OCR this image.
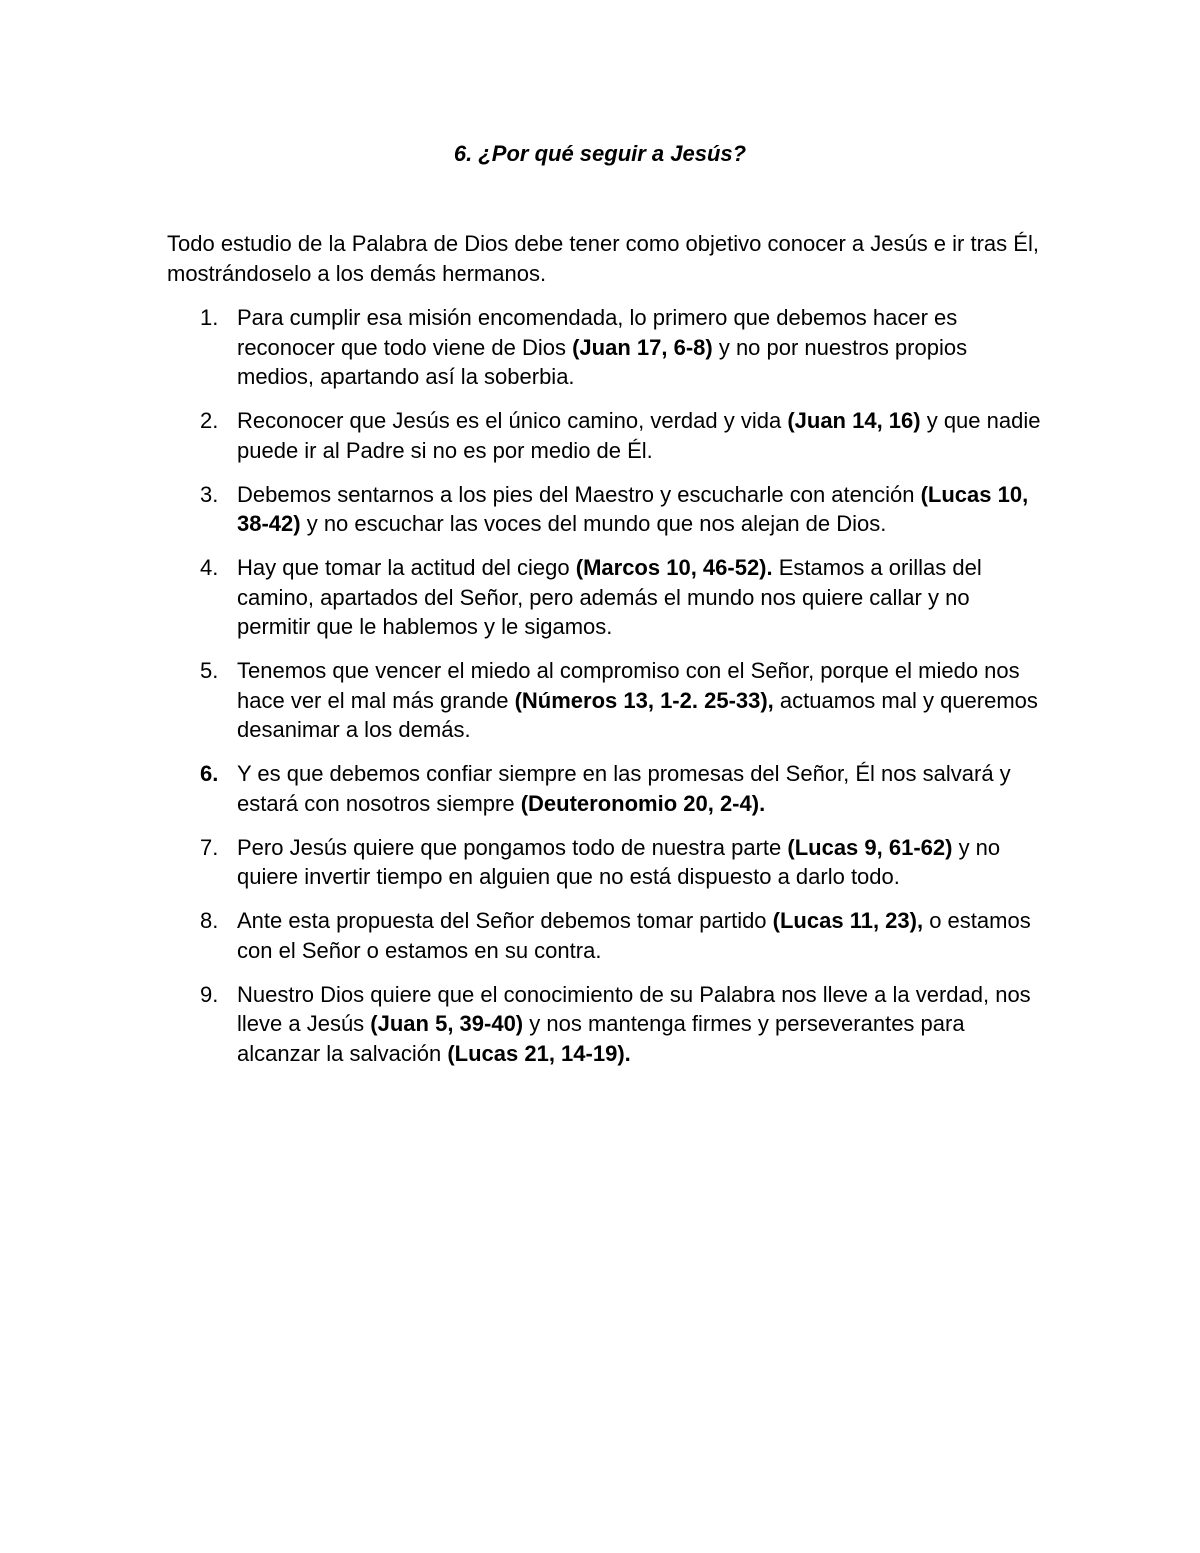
6. ¿Por qué seguir a Jesús?

Todo estudio de la Palabra de Dios debe tener como objetivo conocer a Jesús e ir tras Él, mostrándoselo a los demás hermanos.

1. Para cumplir esa misión encomendada, lo primero que debemos hacer es reconocer que todo viene de Dios (Juan 17, 6-8) y no por nuestros propios medios, apartando así la soberbia.
2. Reconocer que Jesús es el único camino, verdad y vida (Juan 14, 16) y que nadie puede ir al Padre si no es por medio de Él.
3. Debemos sentarnos a los pies del Maestro y escucharle con atención (Lucas 10, 38-42) y no escuchar las voces del mundo que nos alejan de Dios.
4. Hay que tomar la actitud del ciego (Marcos 10, 46-52). Estamos a orillas del camino, apartados del Señor, pero además el mundo nos quiere callar y no permitir que le hablemos y le sigamos.
5. Tenemos que vencer el miedo al compromiso con el Señor, porque el miedo nos hace ver el mal más grande (Números 13, 1-2. 25-33), actuamos mal y queremos desanimar a los demás.
6. Y es que debemos confiar siempre en las promesas del Señor, Él nos salvará y estará con nosotros siempre (Deuteronomio 20, 2-4).
7. Pero Jesús quiere que pongamos todo de nuestra parte (Lucas 9, 61-62) y no quiere invertir tiempo en alguien que no está dispuesto a darlo todo.
8. Ante esta propuesta del Señor debemos tomar partido (Lucas 11, 23), o estamos con el Señor o estamos en su contra.
9. Nuestro Dios quiere que el conocimiento de su Palabra nos lleve a la verdad, nos lleve a Jesús (Juan 5, 39-40) y nos mantenga firmes y perseverantes para alcanzar la salvación (Lucas 21, 14-19).
